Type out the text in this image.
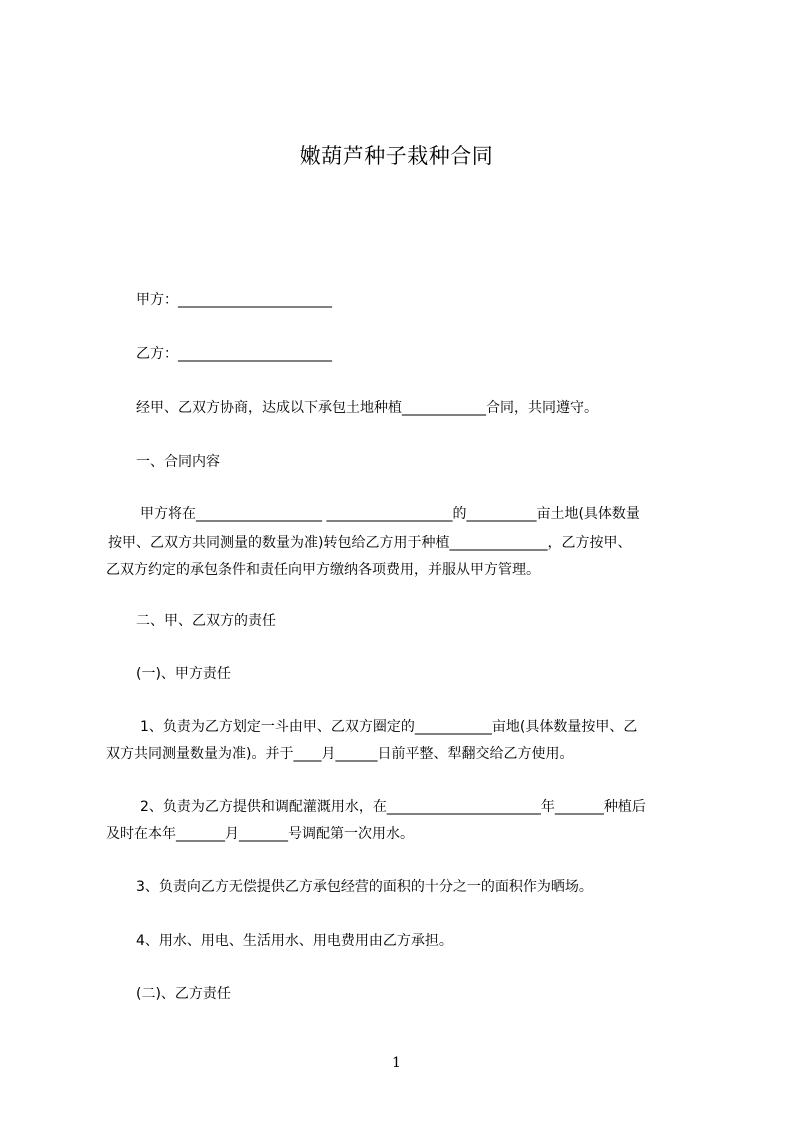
嫩葫芦种子栽种合同
甲方：______________________
乙方：______________________
经甲、乙双方协商，达成以下承包土地种植____________合同，共同遵守。
一、合同内容
甲方将在__________________ __________________的__________亩土地(具体数量
按甲、乙双方共同测量的数量为准)转包给乙方用于种植______________，乙方按甲、
乙双方约定的承包条件和责任向甲方缴纳各项费用，并服从甲方管理。
二、甲、乙双方的责任
(一)、甲方责任
1、负责为乙方划定一斗由甲、乙双方圈定的___________亩地(具体数量按甲、乙
双方共同测量数量为准)。并于____月______日前平整、犁翻交给乙方使用。
2、负责为乙方提供和调配灌溉用水，在______________________年_______种植后
及时在本年_______月_______号调配第一次用水。
3、负责向乙方无偿提供乙方承包经营的面积的十分之一的面积作为晒场。
4、用水、用电、生活用水、用电费用由乙方承担。
(二)、乙方责任
1
